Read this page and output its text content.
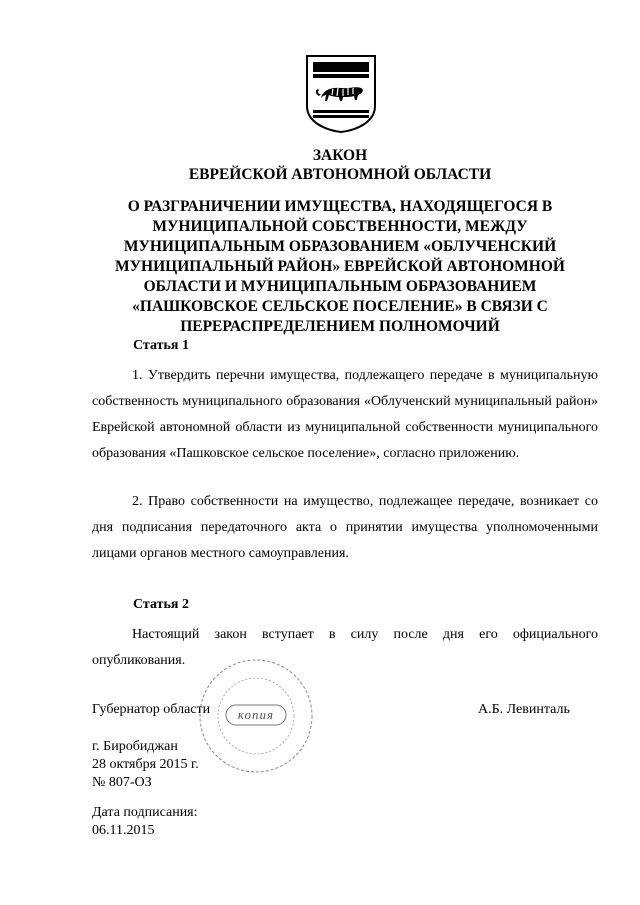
ЗАКОН
ЕВРЕЙСКОЙ АВТОНОМНОЙ ОБЛАСТИ
О РАЗГРАНИЧЕНИИ ИМУЩЕСТВА, НАХОДЯЩЕГОСЯ В
МУНИЦИПАЛЬНОЙ СОБСТВЕННОСТИ, МЕЖДУ
МУНИЦИПАЛЬНЫМ ОБРАЗОВАНИЕМ «ОБЛУЧЕНСКИЙ
МУНИЦИПАЛЬНЫЙ РАЙОН» ЕВРЕЙСКОЙ АВТОНОМНОЙ
ОБЛАСТИ И МУНИЦИПАЛЬНЫМ ОБРАЗОВАНИЕМ
«ПАШКОВСКОЕ СЕЛЬСКОЕ ПОСЕЛЕНИЕ» В СВЯЗИ С
ПЕРЕРАСПРЕДЕЛЕНИЕМ ПОЛНОМОЧИЙ

Статья 1

1. Утвердить перечни имущества, подлежащего передаче в муниципальную собственность муниципального образования «Облученский муниципальный район» Еврейской автономной области из муниципальной собственности муниципального образования «Пашковское сельское поселение», согласно приложению.

2. Право собственности на имущество, подлежащее передаче, возникает со дня подписания передаточного акта о принятии имущества уполномоченными лицами органов местного самоуправления.

Статья 2

Настоящий закон вступает в силу после дня его официального опубликования.

копия

Губернатор области	А.Б. Левинталь

г. Биробиджан
28 октября 2015 г.
№ 807-ОЗ
Дата подписания:
06.11.2015
